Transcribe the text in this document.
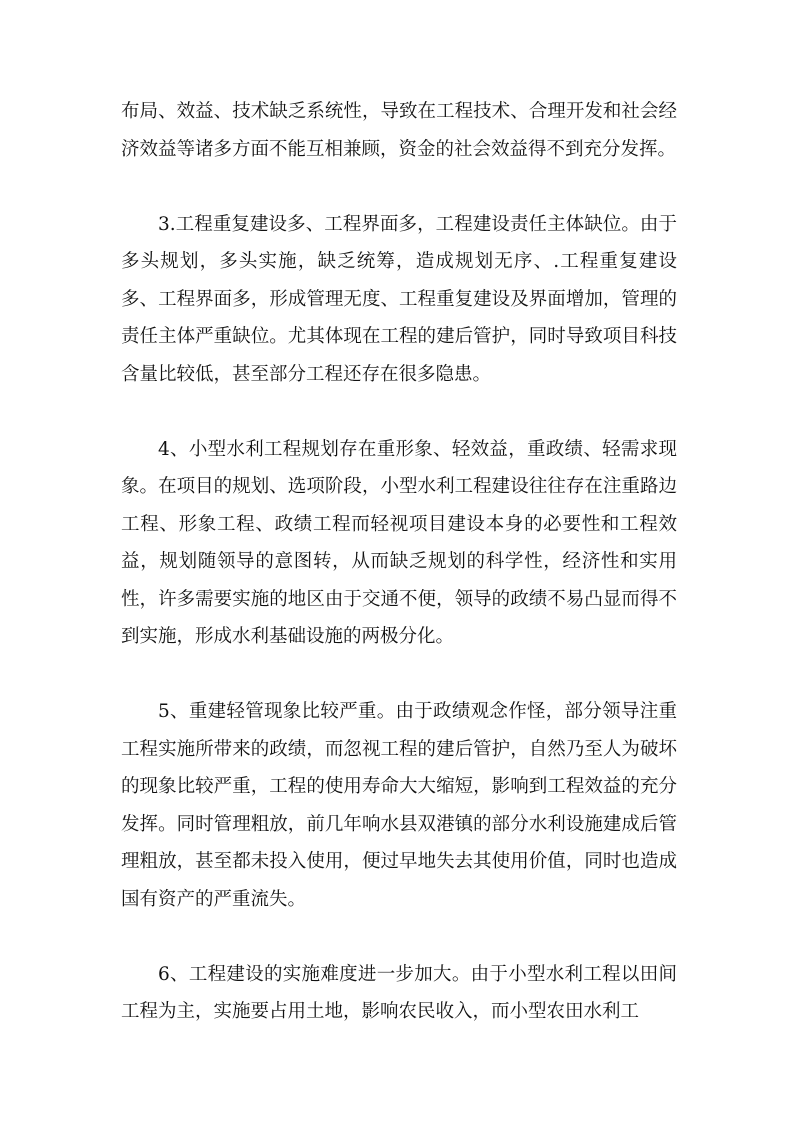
布局、效益、技术缺乏系统性，导致在工程技术、合理开发和社会经济效益等诸多方面不能互相兼顾，资金的社会效益得不到充分发挥。

3.工程重复建设多、工程界面多，工程建设责任主体缺位。由于多头规划，多头实施，缺乏统筹，造成规划无序、.工程重复建设多、工程界面多，形成管理无度、工程重复建设及界面增加，管理的责任主体严重缺位。尤其体现在工程的建后管护，同时导致项目科技含量比较低，甚至部分工程还存在很多隐患。

4、小型水利工程规划存在重形象、轻效益，重政绩、轻需求现象。在项目的规划、选项阶段，小型水利工程建设往往存在注重路边工程、形象工程、政绩工程而轻视项目建设本身的必要性和工程效益，规划随领导的意图转，从而缺乏规划的科学性，经济性和实用性，许多需要实施的地区由于交通不便，领导的政绩不易凸显而得不到实施，形成水利基础设施的两极分化。

5、重建轻管现象比较严重。由于政绩观念作怪，部分领导注重工程实施所带来的政绩，而忽视工程的建后管护，自然乃至人为破坏的现象比较严重，工程的使用寿命大大缩短，影响到工程效益的充分发挥。同时管理粗放，前几年响水县双港镇的部分水利设施建成后管理粗放，甚至都未投入使用，便过早地失去其使用价值，同时也造成国有资产的严重流失。

6、工程建设的实施难度进一步加大。由于小型水利工程以田间工程为主，实施要占用土地，影响农民收入，而小型农田水利工
